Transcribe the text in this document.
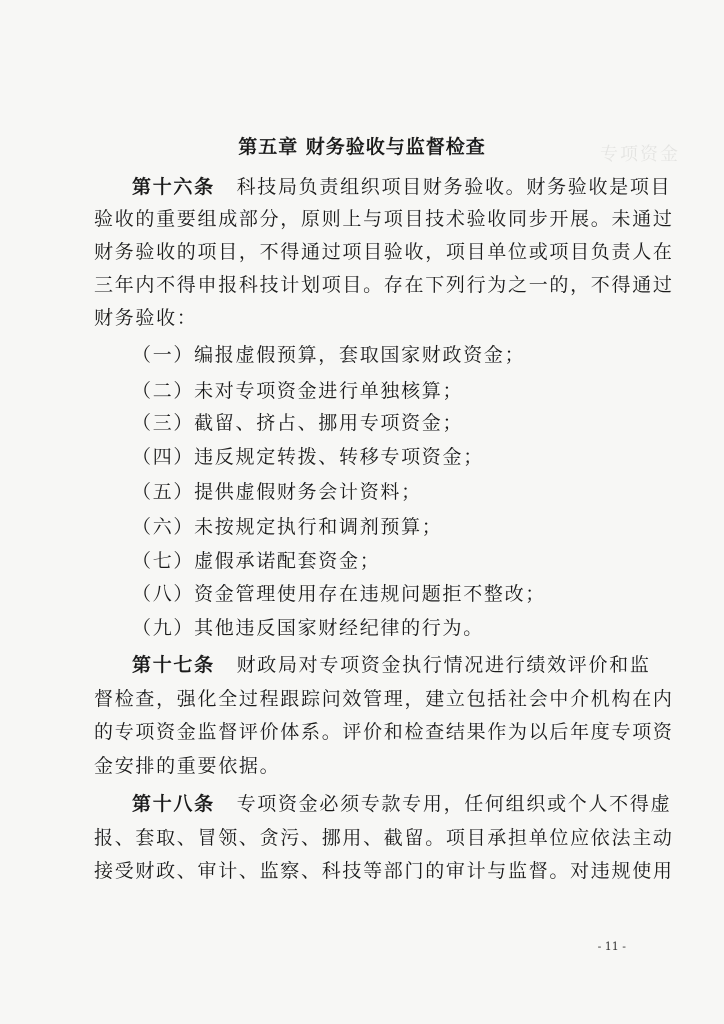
专项资金
第五章 财务验收与监督检查
第十六条 科技局负责组织项目财务验收。财务验收是项目
验收的重要组成部分，原则上与项目技术验收同步开展。未通过
财务验收的项目，不得通过项目验收，项目单位或项目负责人在
三年内不得申报科技计划项目。存在下列行为之一的，不得通过
财务验收：
（一）编报虚假预算，套取国家财政资金；
（二）未对专项资金进行单独核算；
（三）截留、挤占、挪用专项资金；
（四）违反规定转拨、转移专项资金；
（五）提供虚假财务会计资料；
（六）未按规定执行和调剂预算；
（七）虚假承诺配套资金；
（八）资金管理使用存在违规问题拒不整改；
（九）其他违反国家财经纪律的行为。
第十七条 财政局对专项资金执行情况进行绩效评价和监
督检查，强化全过程跟踪问效管理，建立包括社会中介机构在内
的专项资金监督评价体系。评价和检查结果作为以后年度专项资
金安排的重要依据。
第十八条 专项资金必须专款专用，任何组织或个人不得虚
报、套取、冒领、贪污、挪用、截留。项目承担单位应依法主动
接受财政、审计、监察、科技等部门的审计与监督。对违规使用
- 11 -
